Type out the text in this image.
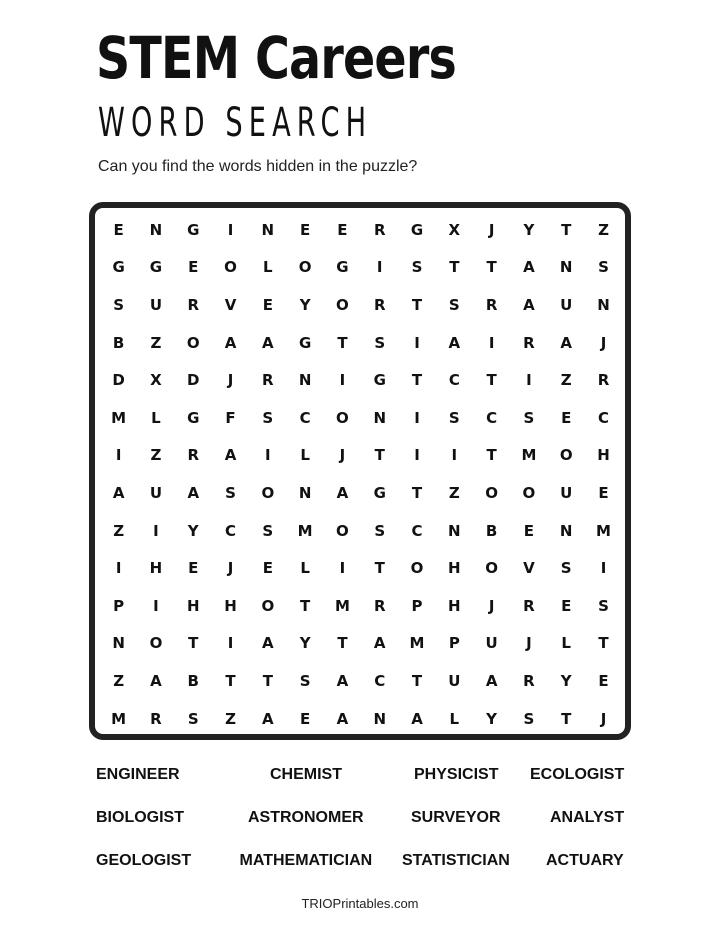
STEM Careers
WORD SEARCH
Can you find the words hidden in the puzzle?
E	N	G	I	N	E	E	R	G	X	J	Y	T	Z
G	G	E	O	L	O	G	I	S	T	T	A	N	S
S	U	R	V	E	Y	O	R	T	S	R	A	U	N
B	Z	O	A	A	G	T	S	I	A	I	R	A	J
D	X	D	J	R	N	I	G	T	C	T	I	Z	R
M	L	G	F	S	C	O	N	I	S	C	S	E	C
I	Z	R	A	I	L	J	T	I	I	T	M	O	H
A	U	A	S	O	N	A	G	T	Z	O	O	U	E
Z	I	Y	C	S	M	O	S	C	N	B	E	N	M
I	H	E	J	E	L	I	T	O	H	O	V	S	I
P	I	H	H	O	T	M	R	P	H	J	R	E	S
N	O	T	I	A	Y	T	A	M	P	U	J	L	T
Z	A	B	T	T	S	A	C	T	U	A	R	Y	E
M	R	S	Z	A	E	A	N	A	L	Y	S	T	J
ENGINEER	CHEMIST	PHYSICIST ECOLOGIST
BIOLOGIST	ASTRONOMER	SURVEYOR	ANALYST
GEOLOGIST	MATHEMATICIAN STATISTICIAN ACTUARY
TRIOPrintables.com
